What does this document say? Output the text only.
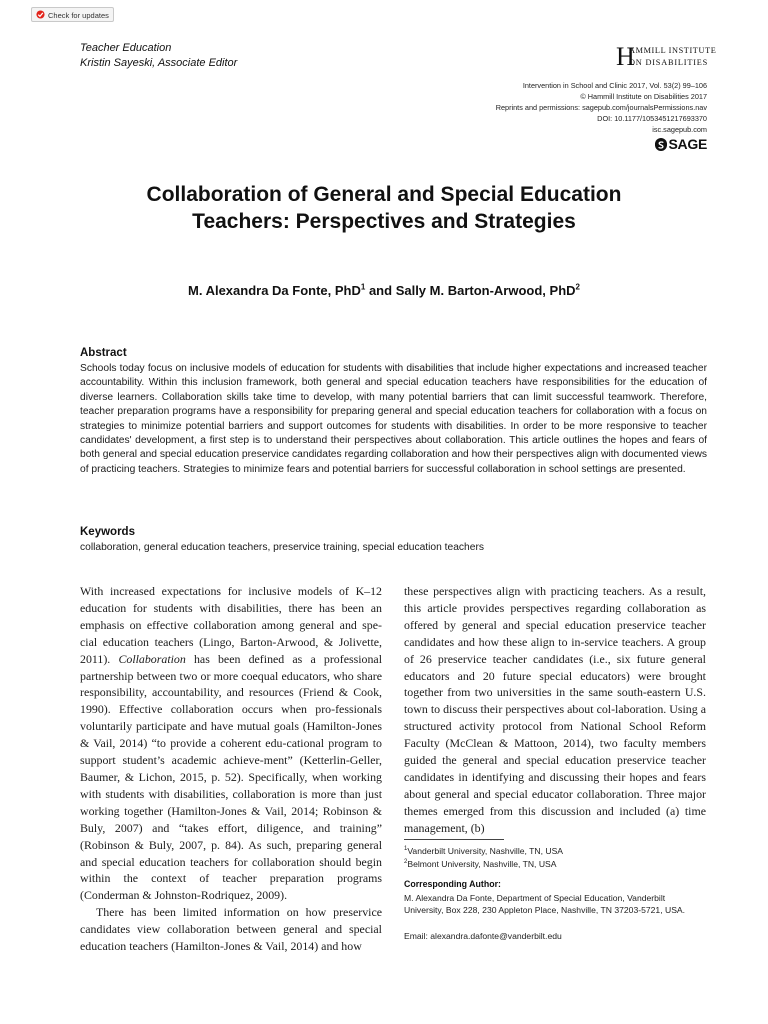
Check for updates
Teacher Education
Kristin Sayeski, Associate Editor	H
AMMILL INSTITUTE
ON DISABILITIES
Intervention in School and Clinic 2017, Vol. 53(2) 99–106
© Hammill Institute on Disabilities 2017
Reprints and permissions: sagepub.com/journalsPermissions.nav
DOI: 10.1177/1053451217693370
isc.sagepub.com
SAGE
Collaboration of General and Special Education
Teachers: Perspectives and Strategies
M. Alexandra Da Fonte, PhD$^1$ and Sally M. Barton-Arwood, PhD$^2$
Abstract
Schools today focus on inclusive models of education for students with disabilities that include higher expectations and increased teacher accountability. Within this inclusion framework, both general and special education teachers have responsibilities for the education of diverse learners. Collaboration skills take time to develop, with many potential barriers that can limit successful teamwork. Therefore, teacher preparation programs have a responsibility for preparing general and special education teachers for collaboration with a focus on strategies to minimize potential barriers and support outcomes for students with disabilities. In order to be more responsive to teacher candidates' development, a first step is to understand their perspectives about collaboration. This article outlines the hopes and fears of both general and special education preservice candidates regarding collaboration and how their perspectives align with documented views of practicing teachers. Strategies to minimize fears and potential barriers for successful collaboration in school settings are presented.
Keywords
collaboration, general education teachers, preservice training, special education teachers

With increased expectations for inclusive models of K–12 education for students with disabilities, there has been an emphasis on effective collaboration among general and spe-cial education teachers (Lingo, Barton-Arwood, & Jolivette, 2011). Collaboration has been defined as a professional partnership between two or more coequal educators, who share responsibility, accountability, and resources (Friend & Cook, 1990). Effective collaboration occurs when pro-fessionals voluntarily participate and have mutual goals (Hamilton-Jones & Vail, 2014) “to provide a coherent edu-cational program to support student’s academic achieve-ment” (Ketterlin-Geller, Baumer, & Lichon, 2015, p. 52). Specifically, when working with students with disabilities, collaboration is more than just working together (Hamilton-Jones & Vail, 2014; Robinson & Buly, 2007) and “takes effort, diligence, and training” (Robinson & Buly, 2007, p. 84). As such, preparing general and special education teachers for collaboration should begin within the context of teacher preparation programs (Conderman & Johnston-Rodriquez, 2009).

There has been limited information on how preservice candidates view collaboration between general and special education teachers (Hamilton-Jones & Vail, 2014) and how

these perspectives align with practicing teachers. As a result, this article provides perspectives regarding collaboration as offered by general and special education preservice teacher candidates and how these align to in-service teachers. A group of 26 preservice teacher candidates (i.e., six future general educators and 20 future special educators) were brought together from two universities in the same south-eastern U.S. town to discuss their perspectives about col-laboration. Using a structured activity protocol from National School Reform Faculty (McClean & Mattoon, 2014), two faculty members guided the general and special education preservice teacher candidates in identifying and discussing their hopes and fears about general and special educator collaboration. Three major themes emerged from this discussion and included (a) time management, (b)

$^1$Vanderbilt University, Nashville, TN, USA
$^2$Belmont University, Nashville, TN, USA
Corresponding Author:
M. Alexandra Da Fonte, Department of Special Education, Vanderbilt University, Box 228, 230 Appleton Place, Nashville, TN 37203-5721, USA.
Email: alexandra.dafonte@vanderbilt.edu
